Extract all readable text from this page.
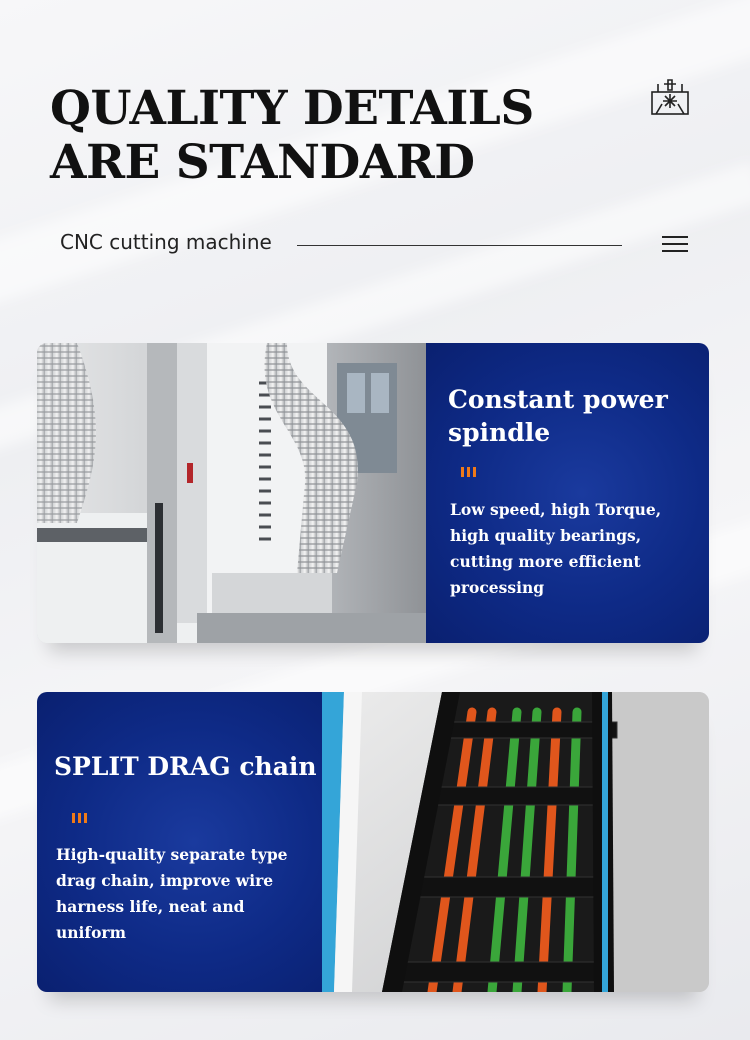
QUALITY DETAILS ARE STANDARD
CNC cutting machine
Constant power spindle

Low speed, high Torque, high quality bearings, cutting more efficient processing

SPLIT DRAG chain

High-quality separate type drag chain, improve wire harness life, neat and uniform
